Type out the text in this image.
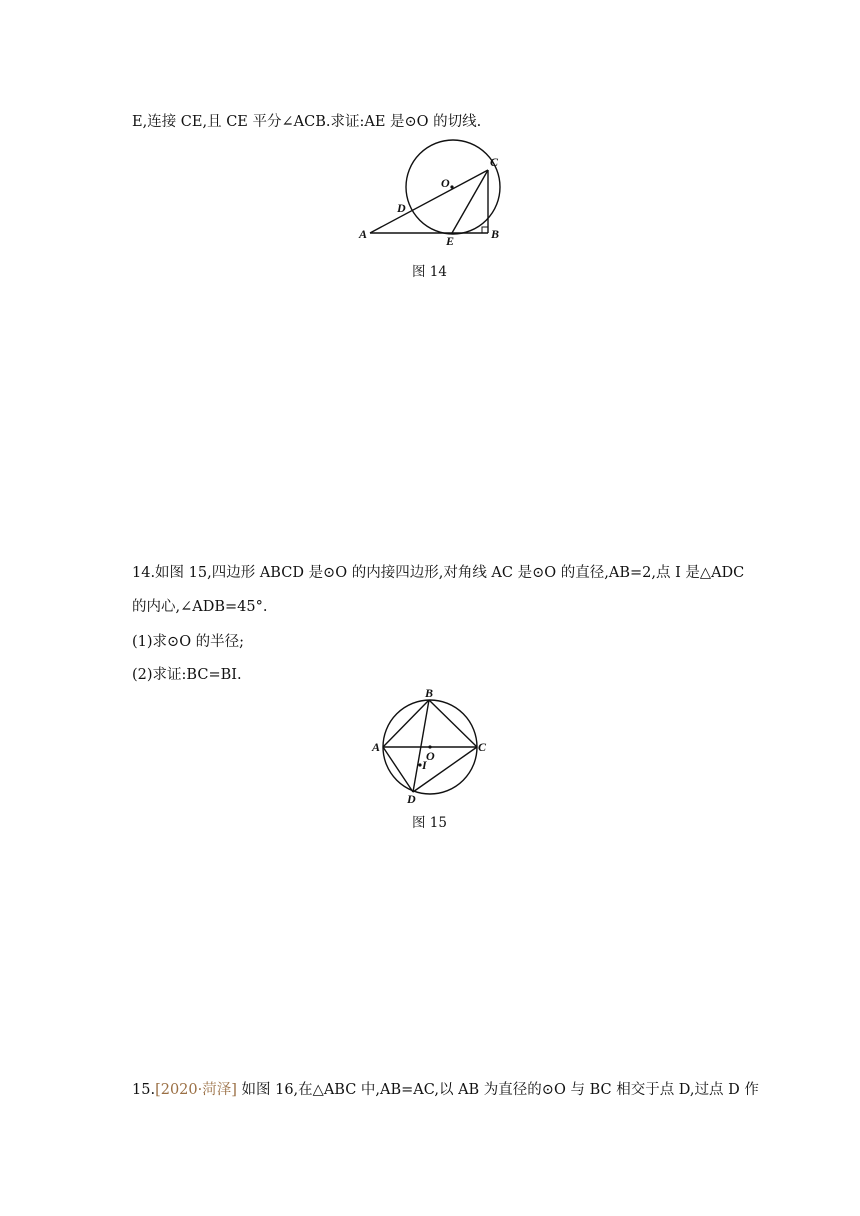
E,连接 CE,且 CE 平分∠ACB.求证:AE 是⊙O 的切线.
A	B
C
D
E
O
图 14
14.如图 15,四边形 ABCD 是⊙O 的内接四边形,对角线 AC 是⊙O 的直径,AB=2,点 I 是△ADC
的内心,∠ADB=45°.
(1)求⊙O 的半径;
(2)求证:BC=BI.
A
B
C
D
O
I
图 15
15.[2020·菏泽] 如图 16,在△ABC 中,AB=AC,以 AB 为直径的⊙O 与 BC 相交于点 D,过点 D 作
